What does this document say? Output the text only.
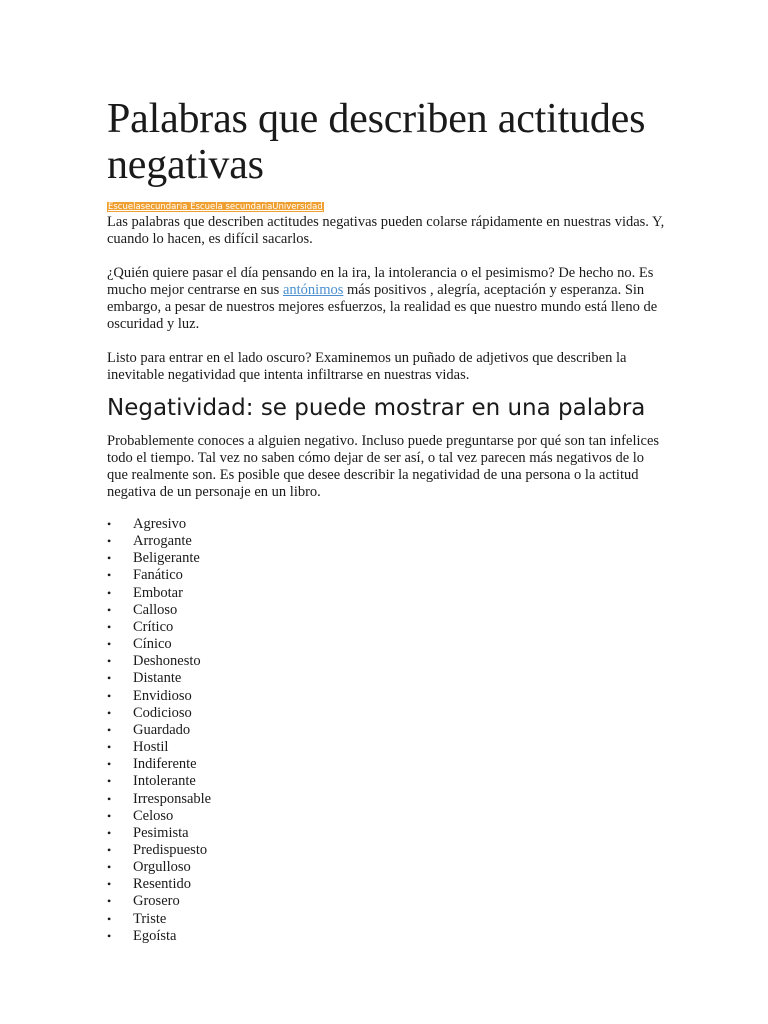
Palabras que describen actitudes negativas
Escuelasecundaria Escuela secundariaUniversidad

Las palabras que describen actitudes negativas pueden colarse rápidamente en nuestras vidas. Y, cuando lo hacen, es difícil sacarlos.

¿Quién quiere pasar el día pensando en la ira, la intolerancia o el pesimismo? De hecho no. Es mucho mejor centrarse en sus antónimos más positivos , alegría, aceptación y esperanza. Sin embargo, a pesar de nuestros mejores esfuerzos, la realidad es que nuestro mundo está lleno de oscuridad y luz.

Listo para entrar en el lado oscuro? Examinemos un puñado de adjetivos que describen la inevitable negatividad que intenta infiltrarse en nuestras vidas.

Negatividad: se puede mostrar en una palabra

Probablemente conoces a alguien negativo. Incluso puede preguntarse por qué son tan infelices todo el tiempo. Tal vez no saben cómo dejar de ser así, o tal vez parecen más negativos de lo que realmente son. Es posible que desee describir la negatividad de una persona o la actitud negativa de un personaje en un libro.

• Agresivo
• Arrogante
• Beligerante
• Fanático
• Embotar
• Calloso
• Crítico
• Cínico
• Deshonesto
• Distante
• Envidioso
• Codicioso
• Guardado
• Hostil
• Indiferente
• Intolerante
• Irresponsable
• Celoso
• Pesimista
• Predispuesto
• Orgulloso
• Resentido
• Grosero
• Triste
• Egoísta
